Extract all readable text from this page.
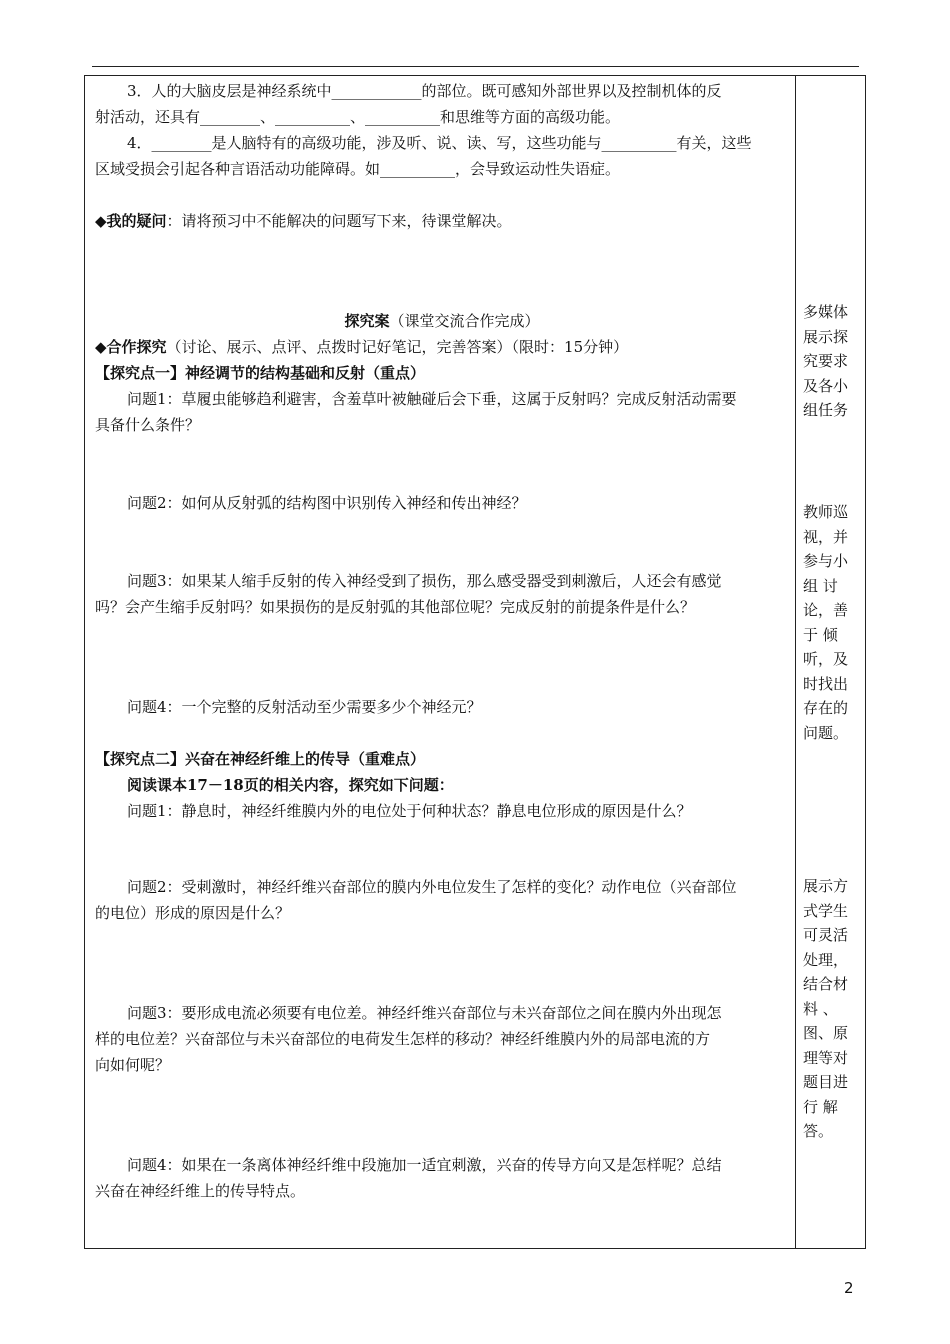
3．人的大脑皮层是神经系统中____________的部位。既可感知外部世界以及控制机体的反

射活动，还具有________、__________、__________和思维等方面的高级功能。

4．________是人脑特有的高级功能，涉及听、说、读、写，这些功能与__________有关，这些

区域受损会引起各种言语活动功能障碍。如__________，会导致运动性失语症。

◆我的疑问：请将预习中不能解决的问题写下来，待课堂解决。

探究案（课堂交流合作完成）

◆合作探究（讨论、展示、点评、点拨时记好笔记，完善答案）（限时：15分钟）

【探究点一】神经调节的结构基础和反射（重点）

问题1：草履虫能够趋利避害，含羞草叶被触碰后会下垂，这属于反射吗？完成反射活动需要

具备什么条件？

问题2：如何从反射弧的结构图中识别传入神经和传出神经？

问题3：如果某人缩手反射的传入神经受到了损伤，那么感受器受到刺激后，人还会有感觉

吗？会产生缩手反射吗？如果损伤的是反射弧的其他部位呢？完成反射的前提条件是什么？

问题4：一个完整的反射活动至少需要多少个神经元？

【探究点二】兴奋在神经纤维上的传导（重难点）

阅读课本17－18页的相关内容，探究如下问题：

问题1：静息时，神经纤维膜内外的电位处于何种状态？静息电位形成的原因是什么？

问题2：受刺激时，神经纤维兴奋部位的膜内外电位发生了怎样的变化？动作电位（兴奋部位

的电位）形成的原因是什么？

问题3：要形成电流必须要有电位差。神经纤维兴奋部位与未兴奋部位之间在膜内外出现怎

样的电位差？兴奋部位与未兴奋部位的电荷发生怎样的移动？神经纤维膜内外的局部电流的方

向如何呢？

问题4：如果在一条离体神经纤维中段施加一适宜刺激，兴奋的传导方向又是怎样呢？总结

兴奋在神经纤维上的传导特点。

多媒体
展示探
究要求
及各小
组任务
教师巡
视，并
参与小
组 讨
论，善
于 倾
听，及
时找出
存在的
问题。
展示方
式学生
可灵活
处理，
结合材
料 、
图、原
理等对
题目进
行 解
答。
2
